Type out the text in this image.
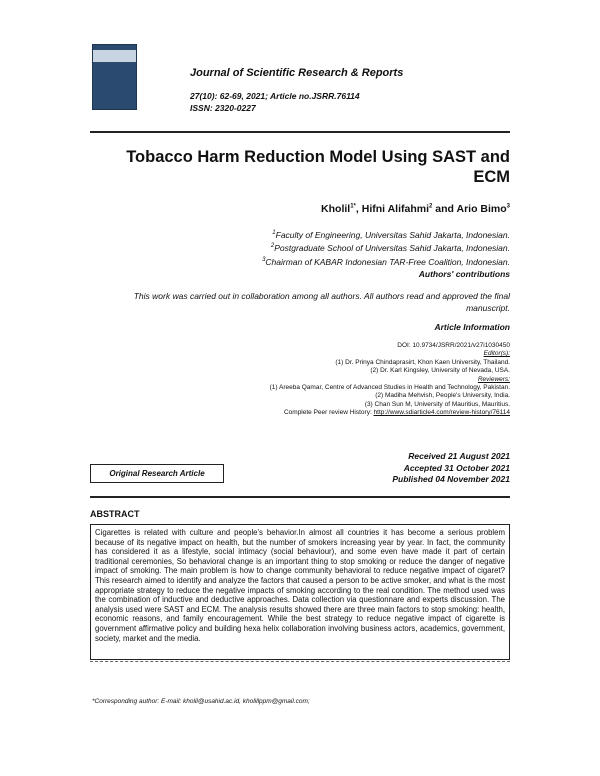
Journal of Scientific Research & Reports
27(10): 62-69, 2021; Article no.JSRR.76114
ISSN: 2320-0227
Tobacco Harm Reduction Model Using SAST and ECM
Kholil$^{1*}$, Hifni Alifahmi$^2$ and Ario Bimo$^3$
$^1$Faculty of Engineering, Universitas Sahid Jakarta, Indonesian.
$^2$Postgraduate School of Universitas Sahid Jakarta, Indonesian.
$^3$Chairman of KABAR Indonesian TAR-Free Coalition, Indonesian.
Authors' contributions
This work was carried out in collaboration among all authors. All authors read and approved the final manuscript.
Article Information
DOI: 10.9734/JSRR/2021/v27i1030450
Editor(s):
(1) Dr. Prinya Chindaprasirt, Khon Kaen University, Thailand.
(2) Dr. Karl Kingsley, University of Nevada, USA.
Reviewers:
(1) Areeba Qamar, Centre of Advanced Studies in Health and Technology, Pakistan.
(2) Madiha Mehvish, People's University, India.
(3) Chan Sun M, University of Mauritius, Mauritius.
Complete Peer review History: http://www.sdiarticle4.com/review-history/76114
Received 21 August 2021
Accepted 31 October 2021
Published 04 November 2021
Original Research Article
ABSTRACT
Cigarettes is related with culture and people's behavior.In almost all countries it has become a serious problem because of its negative impact on health, but the number of smokers increasing year by year. In fact, the community has considered it as a lifestyle, social intimacy (social behaviour), and some even have made it part of certain traditional ceremonies, So behavioral change is an important thing to stop smoking or reduce the danger of negative impact of smoking. The main problem is how to change community behavioral to reduce negative impact of cigaret? This research aimed to identify and analyze the factors that caused a person to be active smoker, and what is the most appropriate strategy to reduce the negative impacts of smoking according to the real condition. The method used was the combination of inductive and deductive approaches. Data collection via questionnare and experts discussion. The analysis used were SAST and ECM. The analysis results showed there are three main factors to stop smoking: health, economic reasons, and family encouragement. While the best strategy to reduce negative impact of cigarette is government affirmative policy and building hexa helix collaboration involving business actors, academics, government, society, market and the media.
*Corresponding author: E-mail: kholil@usahid.ac.id, kholillppm@gmail.com;
